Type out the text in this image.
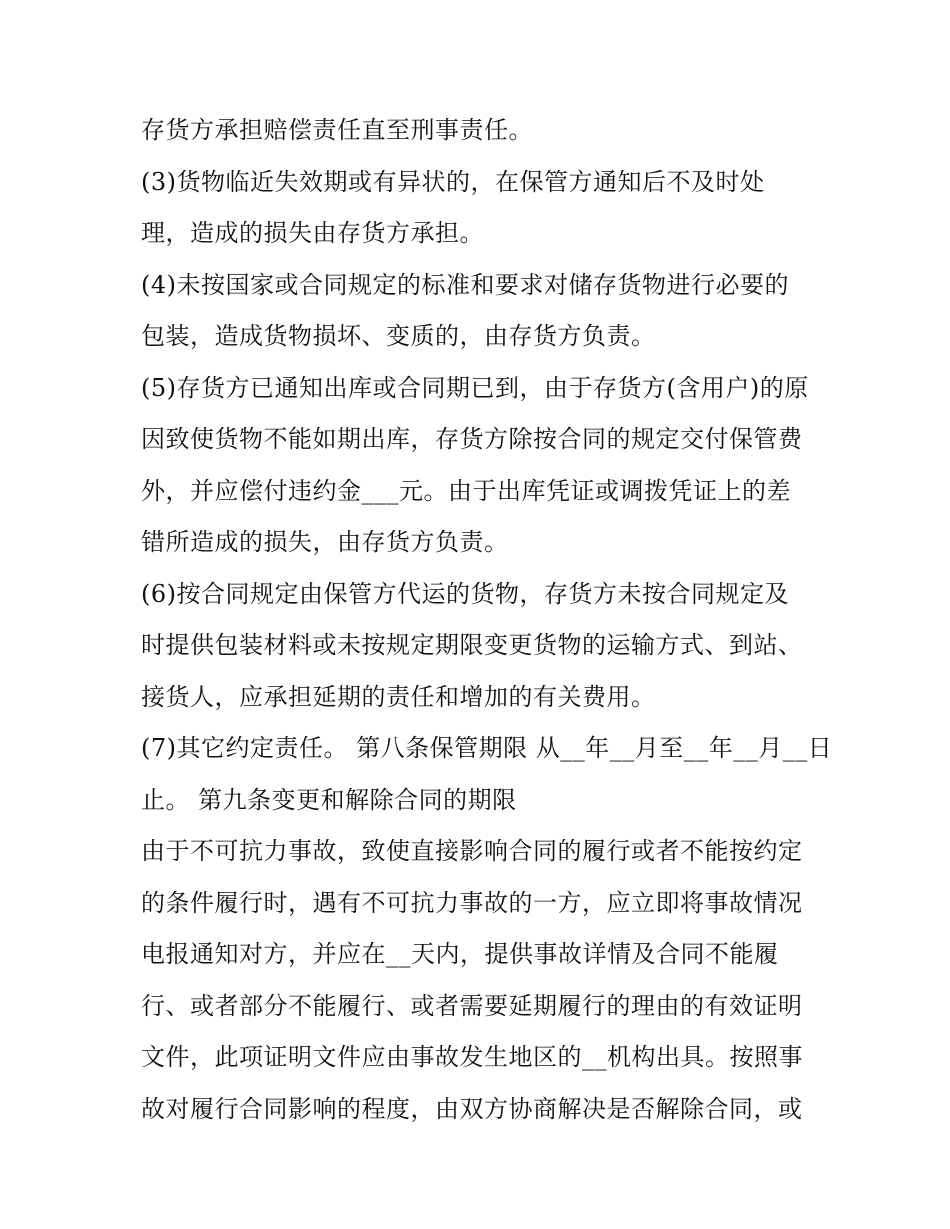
存货方承担赔偿责任直至刑事责任。
(3)货物临近失效期或有异状的，在保管方通知后不及时处
理，造成的损失由存货方承担。
(4)未按国家或合同规定的标准和要求对储存货物进行必要的
包装，造成货物损坏、变质的，由存货方负责。
(5)存货方已通知出库或合同期已到，由于存货方(含用户)的原
因致使货物不能如期出库，存货方除按合同的规定交付保管费
外，并应偿付违约金___元。由于出库凭证或调拨凭证上的差
错所造成的损失，由存货方负责。
(6)按合同规定由保管方代运的货物，存货方未按合同规定及
时提供包装材料或未按规定期限变更货物的运输方式、到站、
接货人，应承担延期的责任和增加的有关费用。
(7)其它约定责任。 第八条保管期限 从__年__月至__年__月__日
止。 第九条变更和解除合同的期限
由于不可抗力事故，致使直接影响合同的履行或者不能按约定
的条件履行时，遇有不可抗力事故的一方，应立即将事故情况
电报通知对方，并应在__天内，提供事故详情及合同不能履
行、或者部分不能履行、或者需要延期履行的理由的有效证明
文件，此项证明文件应由事故发生地区的__机构出具。按照事
故对履行合同影响的程度，由双方协商解决是否解除合同，或
